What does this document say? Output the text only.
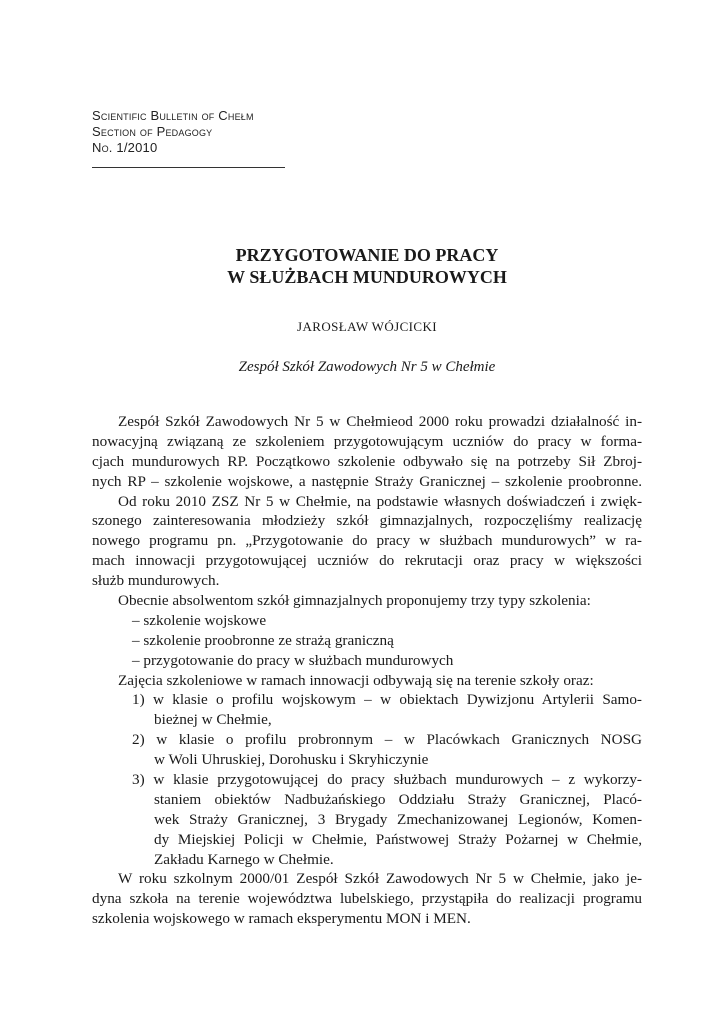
Scientific Bulletin of Chełm
Section of Pedagogy
No. 1/2010
PRZYGOTOWANIE DO PRACY
W SŁUŻBACH MUNDUROWYCH
JAROSŁAW WÓJCICKI
Zespół Szkół Zawodowych Nr 5 w Chełmie
Zespół Szkół Zawodowych Nr 5 w Chełmieod 2000 roku prowadzi działalność in-
nowacyjną związaną ze szkoleniem przygotowującym uczniów do pracy w forma-
cjach mundurowych RP. Początkowo szkolenie odbywało się na potrzeby Sił Zbroj-
nych RP – szkolenie wojskowe, a następnie Straży Granicznej – szkolenie proobronne.
Od roku 2010 ZSZ Nr 5 w Chełmie, na podstawie własnych doświadczeń i zwięk-
szonego zainteresowania młodzieży szkół gimnazjalnych, rozpoczęliśmy realizację
nowego programu pn. „Przygotowanie do pracy w służbach mundurowych” w ra-
mach innowacji przygotowującej uczniów do rekrutacji oraz pracy w większości
służb mundurowych.
Obecnie absolwentom szkół gimnazjalnych proponujemy trzy typy szkolenia:
– szkolenie wojskowe
– szkolenie proobronne ze strażą graniczną
– przygotowanie do pracy w służbach mundurowych
Zajęcia szkoleniowe w ramach innowacji odbywają się na terenie szkoły oraz:
1) w klasie o profilu wojskowym – w obiektach Dywizjonu Artylerii Samo-
bieżnej w Chełmie,
2) w klasie o profilu probronnym – w Placówkach Granicznych NOSG
w Woli Uhruskiej, Dorohusku i Skryhiczynie
3) w klasie przygotowującej do pracy służbach mundurowych – z wykorzy-
staniem obiektów Nadbużańskiego Oddziału Straży Granicznej, Placó-
wek Straży Granicznej, 3 Brygady Zmechanizowanej Legionów, Komen-
dy Miejskiej Policji w Chełmie, Państwowej Straży Pożarnej w Chełmie,
Zakładu Karnego w Chełmie.
W roku szkolnym 2000/01 Zespół Szkół Zawodowych Nr 5 w Chełmie, jako je-
dyna szkoła na terenie województwa lubelskiego, przystąpiła do realizacji programu
szkolenia wojskowego w ramach eksperymentu MON i MEN.
